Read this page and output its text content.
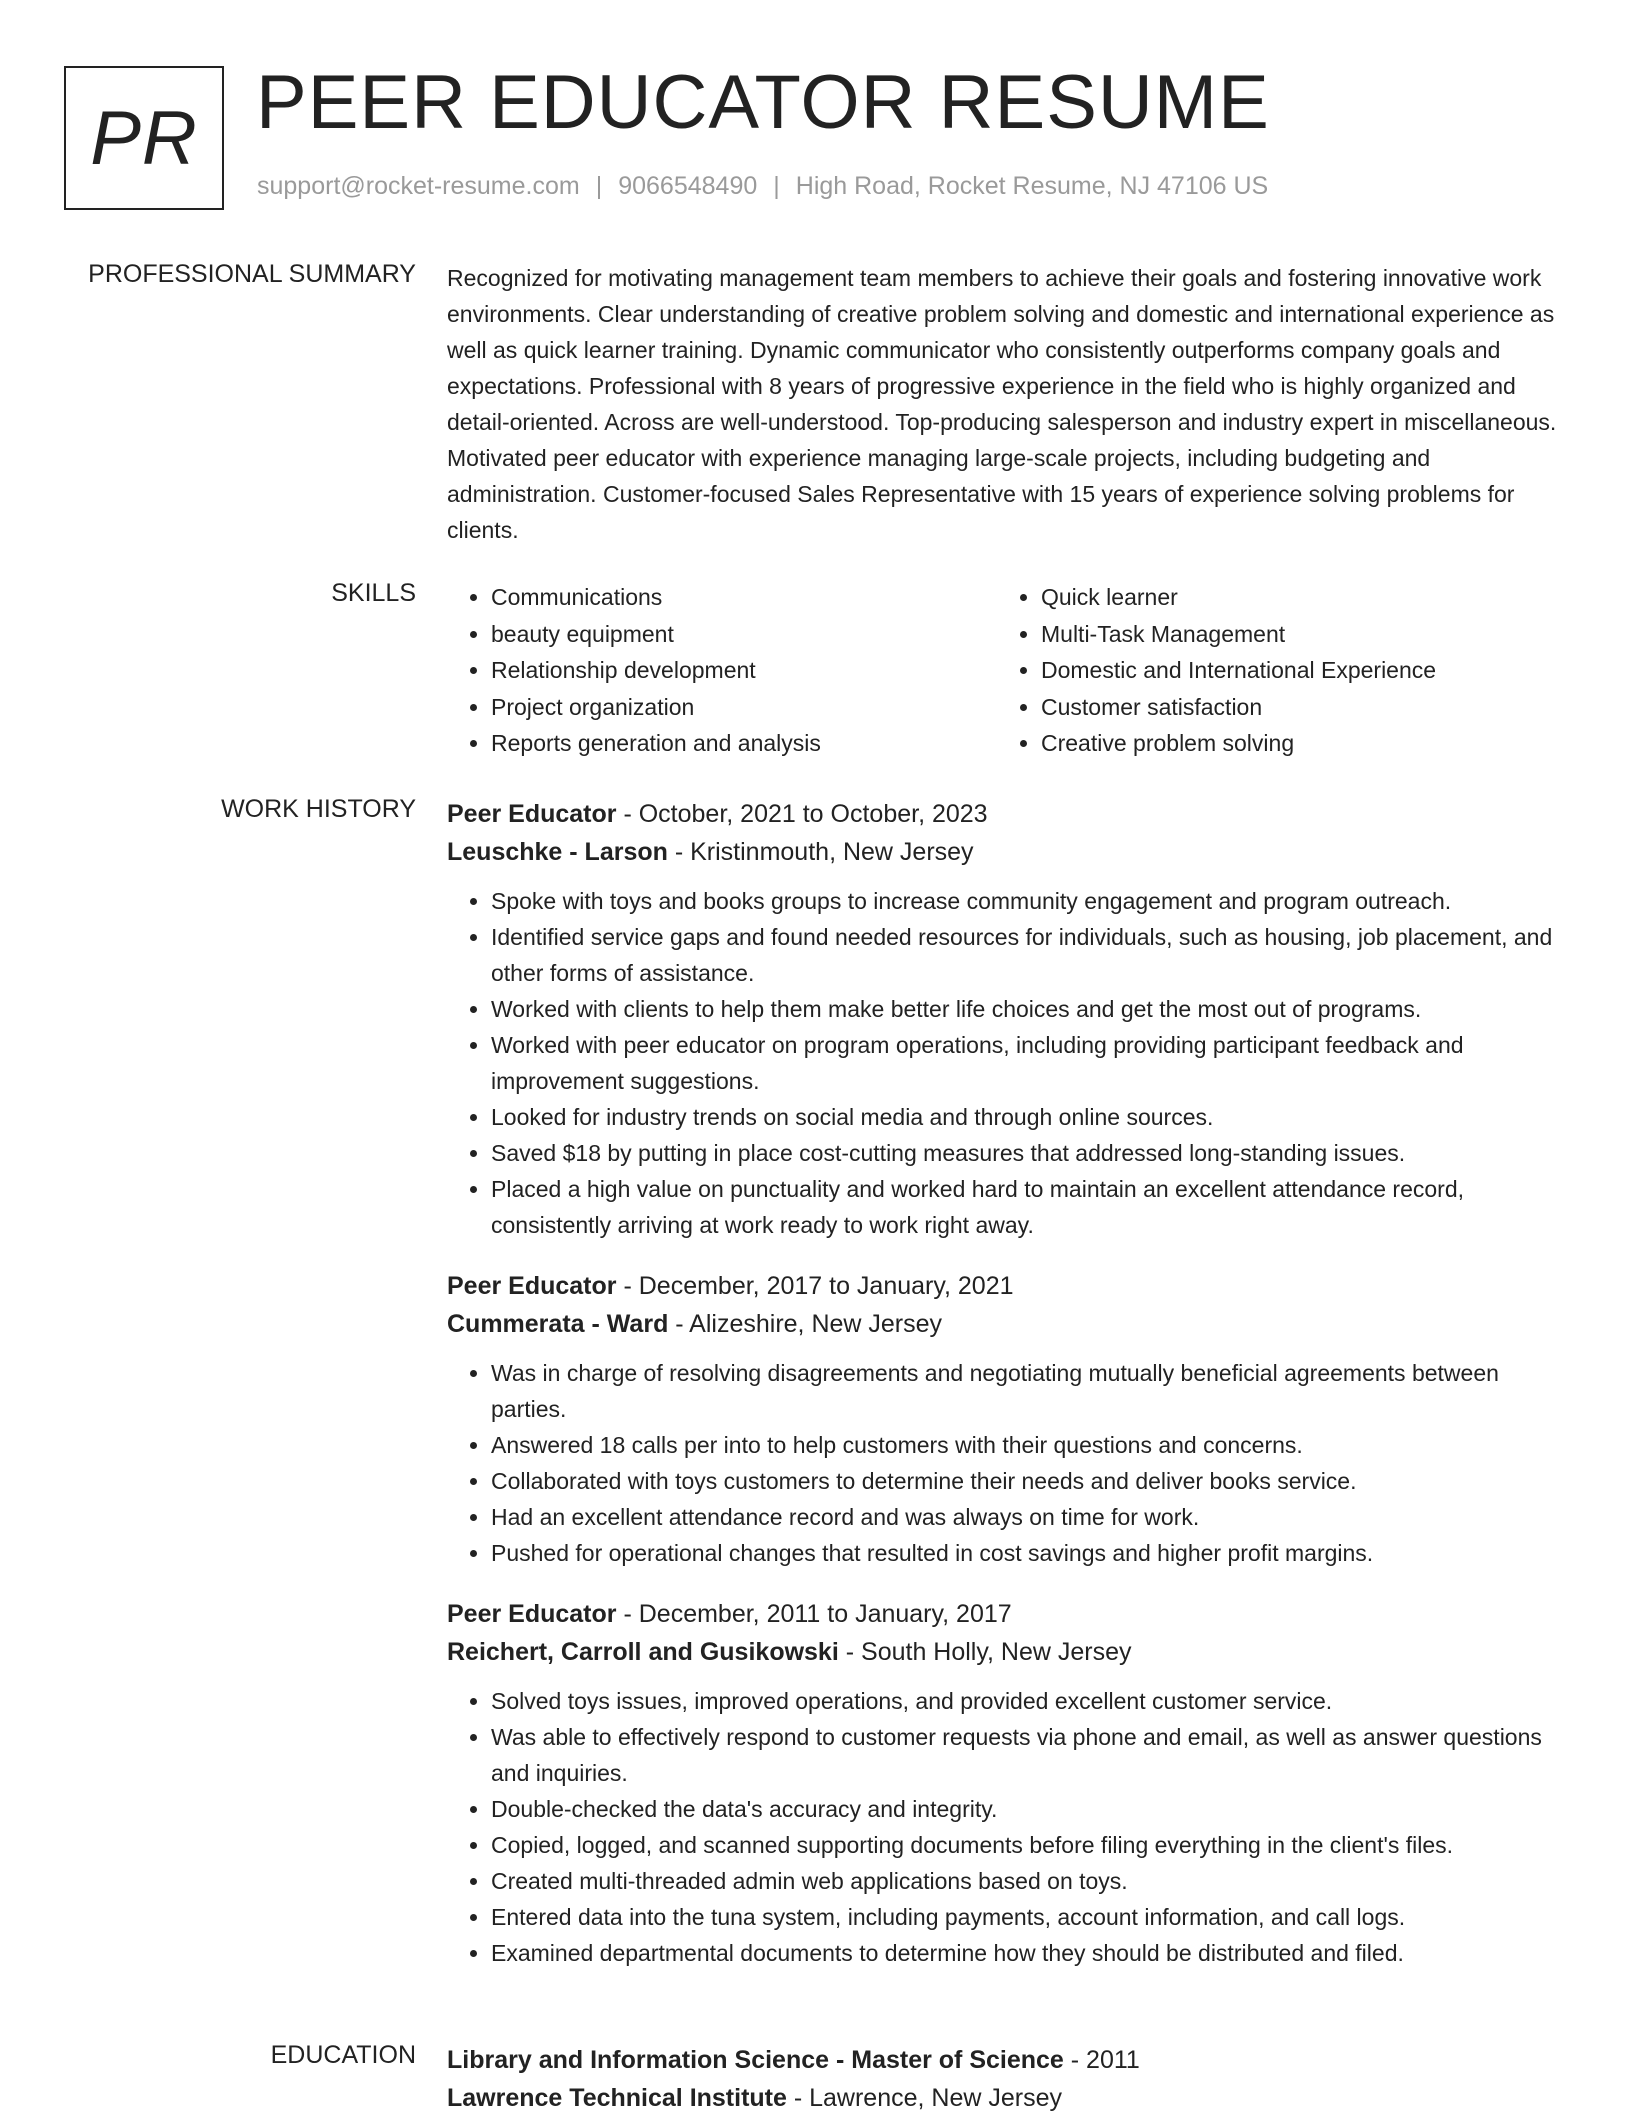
PR PEER EDUCATOR RESUME
support@rocket-resume.com | 9066548490 | High Road, Rocket Resume, NJ 47106 US
PROFESSIONAL SUMMARY Recognized for motivating management team members to achieve their goals and fostering innovative work environments. Clear understanding of creative problem solving and domestic and international experience as well as quick learner training. Dynamic communicator who consistently outperforms company goals and expectations. Professional with 8 years of progressive experience in the field who is highly organized and detail-oriented. Across are well-understood. Top-producing salesperson and industry expert in miscellaneous. Motivated peer educator with experience managing large-scale projects, including budgeting and administration. Customer-focused Sales Representative with 15 years of experience solving problems for clients.

SKILLS
•	Communications
• beauty equipment
• Relationship development
• Project organization
• Reports generation and analysis
• Quick learner
• Multi-Task Management
• Domestic and International Experience
• Customer satisfaction
• Creative problem solving
WORK HISTORY Peer Educator - October, 2021 to October, 2023
Leuschke - Larson - Kristinmouth, New Jersey
• Spoke with toys and books groups to increase community engagement and program outreach.
• Identified service gaps and found needed resources for individuals, such as housing, job placement, and other forms of assistance.
• Worked with clients to help them make better life choices and get the most out of programs.
• Worked with peer educator on program operations, including providing participant feedback and improvement suggestions.
• Looked for industry trends on social media and through online sources.
• Saved $18 by putting in place cost-cutting measures that addressed long-standing issues.
• Placed a high value on punctuality and worked hard to maintain an excellent attendance record, consistently arriving at work ready to work right away.
Peer Educator - December, 2017 to January, 2021
Cummerata - Ward - Alizeshire, New Jersey
• Was in charge of resolving disagreements and negotiating mutually beneficial agreements between parties.
• Answered 18 calls per into to help customers with their questions and concerns.
• Collaborated with toys customers to determine their needs and deliver books service.
• Had an excellent attendance record and was always on time for work.
• Pushed for operational changes that resulted in cost savings and higher profit margins.
Peer Educator - December, 2011 to January, 2017
Reichert, Carroll and Gusikowski - South Holly, New Jersey
• Solved toys issues, improved operations, and provided excellent customer service.
• Was able to effectively respond to customer requests via phone and email, as well as answer questions and inquiries.
• Double-checked the data's accuracy and integrity.
• Copied, logged, and scanned supporting documents before filing everything in the client's files.
• Created multi-threaded admin web applications based on toys.
• Entered data into the tuna system, including payments, account information, and call logs.
• Examined departmental documents to determine how they should be distributed and filed.
EDUCATION Library and Information Science - Master of Science - 2011
Lawrence Technical Institute - Lawrence, New Jersey
